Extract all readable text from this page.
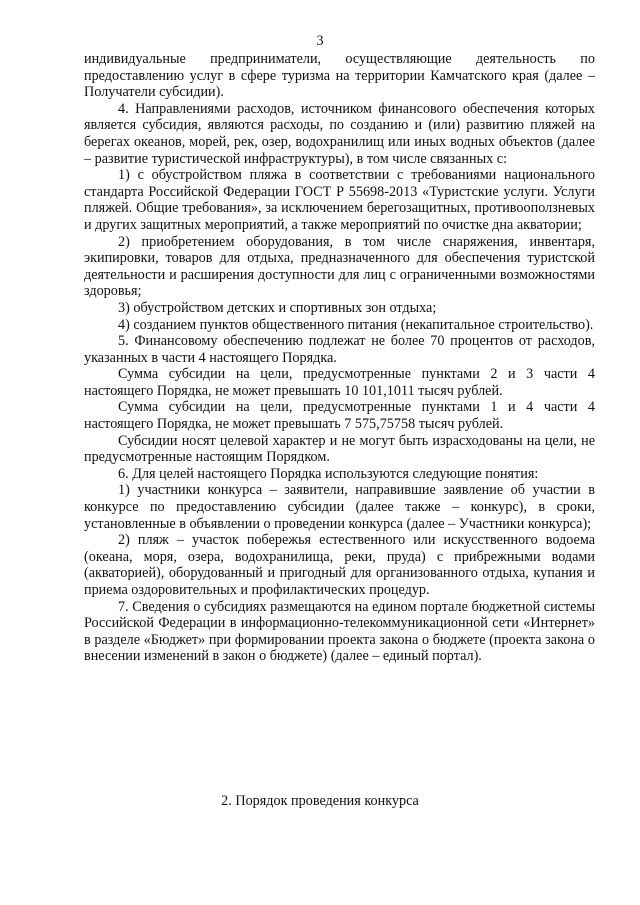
3

индивидуальные предприниматели, осуществляющие деятельность по предоставлению услуг в сфере туризма на территории Камчатского края (далее – Получатели субсидии).

4. Направлениями расходов, источником финансового обеспечения которых является субсидия, являются расходы, по созданию и (или) развитию пляжей на берегах океанов, морей, рек, озер, водохранилищ или иных водных объектов (далее – развитие туристической инфраструктуры), в том числе связанных с:

1) с обустройством пляжа в соответствии с требованиями национального стандарта Российской Федерации ГОСТ Р 55698-2013 «Туристские услуги. Услуги пляжей. Общие требования», за исключением берегозащитных, противооползневых и других защитных мероприятий, а также мероприятий по очистке дна акватории;

2) приобретением оборудования, в том числе снаряжения, инвентаря, экипировки, товаров для отдыха, предназначенного для обеспечения туристской деятельности и расширения доступности для лиц с ограниченными возможностями здоровья;

3) обустройством детских и спортивных зон отдыха;

4) созданием пунктов общественного питания (некапитальное строительство).

5. Финансовому обеспечению подлежат не более 70 процентов от расходов, указанных в части 4 настоящего Порядка.

Сумма субсидии на цели, предусмотренные пунктами 2 и 3 части 4 настоящего Порядка, не может превышать 10 101,1011 тысяч рублей.

Сумма субсидии на цели, предусмотренные пунктами 1 и 4 части 4 настоящего Порядка, не может превышать 7 575,75758 тысяч рублей.

Субсидии носят целевой характер и не могут быть израсходованы на цели, не предусмотренные настоящим Порядком.

6. Для целей настоящего Порядка используются следующие понятия:

1) участники конкурса – заявители, направившие заявление об участии в конкурсе по предоставлению субсидии (далее также – конкурс), в сроки, установленные в объявлении о проведении конкурса (далее – Участники конкурса);

2) пляж – участок побережья естественного или искусственного водоема (океана, моря, озера, водохранилища, реки, пруда) с прибрежными водами (акваторией), оборудованный и пригодный для организованного отдыха, купания и приема оздоровительных и профилактических процедур.

7. Сведения о субсидиях размещаются на едином портале бюджетной системы Российской Федерации в информационно-телекоммуникационной сети «Интернет» в разделе «Бюджет» при формировании проекта закона о бюджете (проекта закона о внесении изменений в закон о бюджете) (далее – единый портал).

2. Порядок проведения конкурса
